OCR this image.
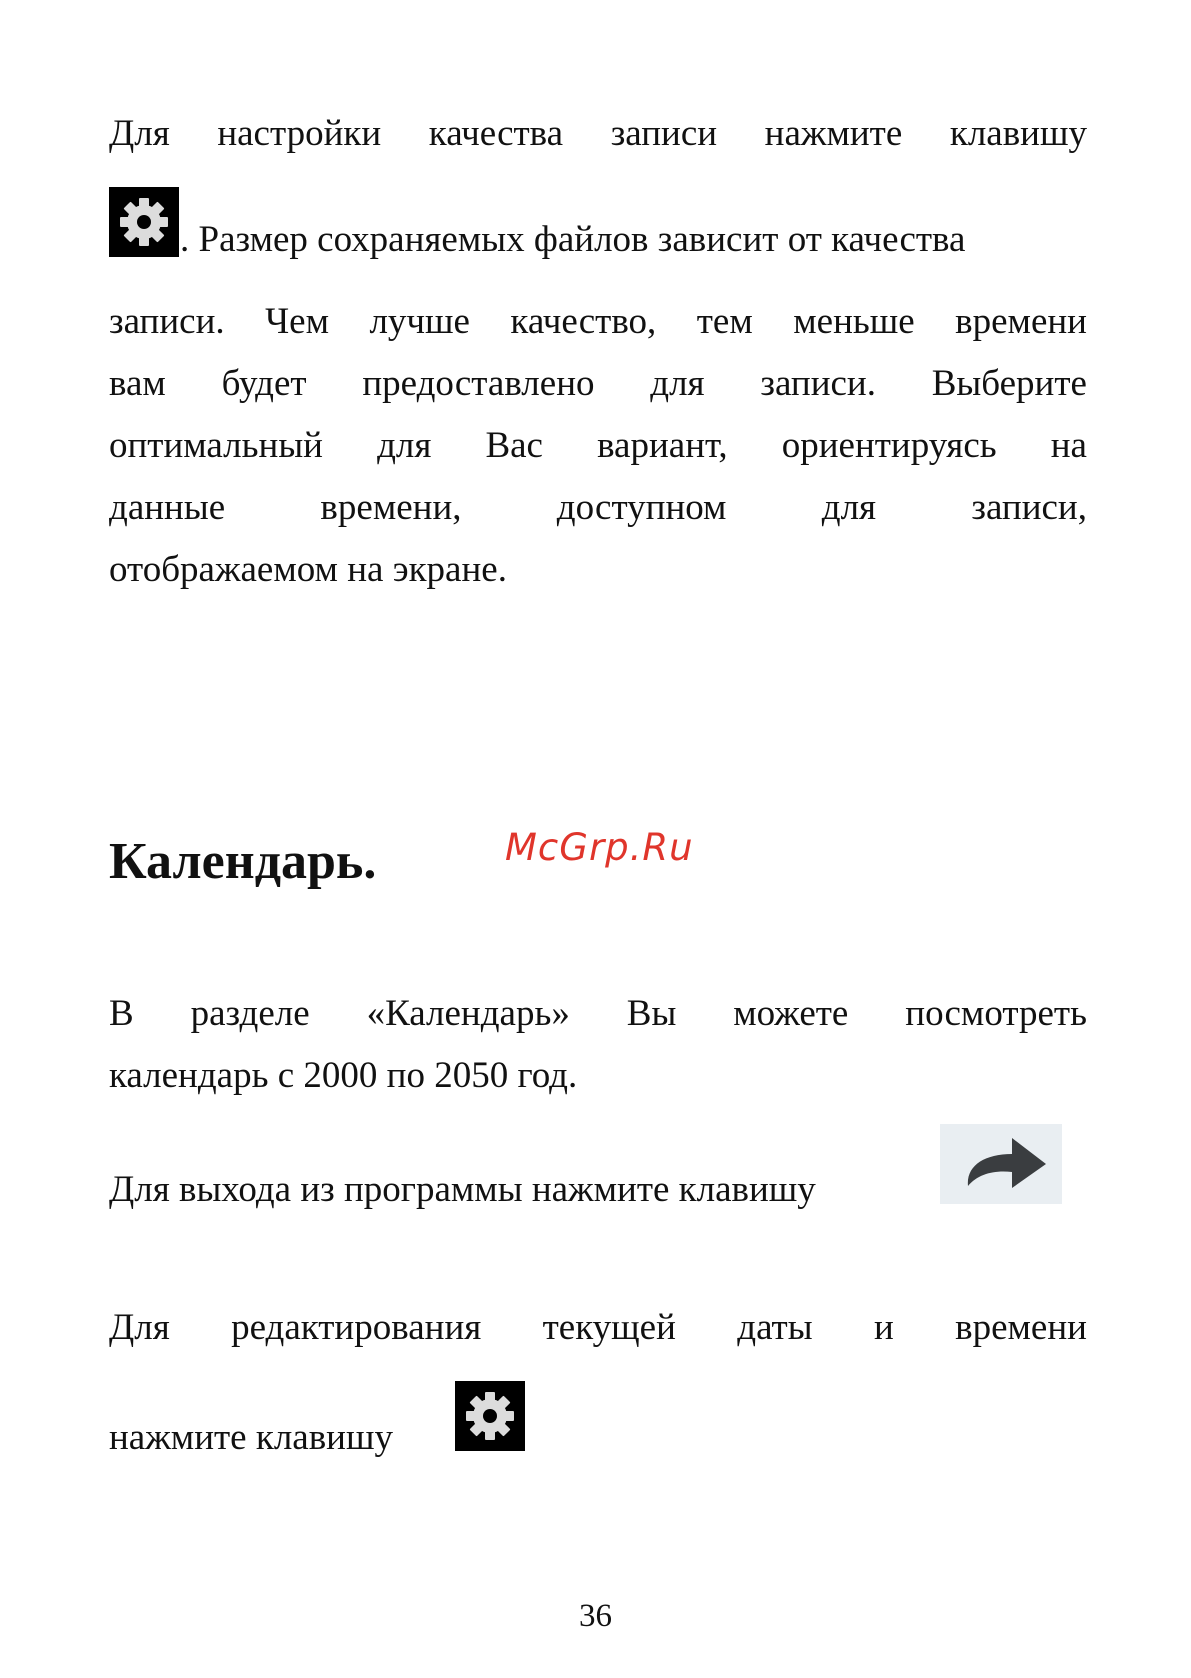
Для настройки качества записи нажмите клавишу
. Размер сохраняемых файлов зависит от качества
записи. Чем лучше качество, тем меньше времени
вам будет предоставлено для записи. Выберите
оптимальный для Вас вариант, ориентируясь на
данные	времени,	доступном	для	записи,
отображаемом на экране.
Календарь.	McGrp.Ru
В разделе «Календарь» Вы можете посмотреть
календарь с 2000 по 2050 год.
Для выхода из программы нажмите клавишу
Для редактирования текущей даты и времени
нажмите клавишу
36
